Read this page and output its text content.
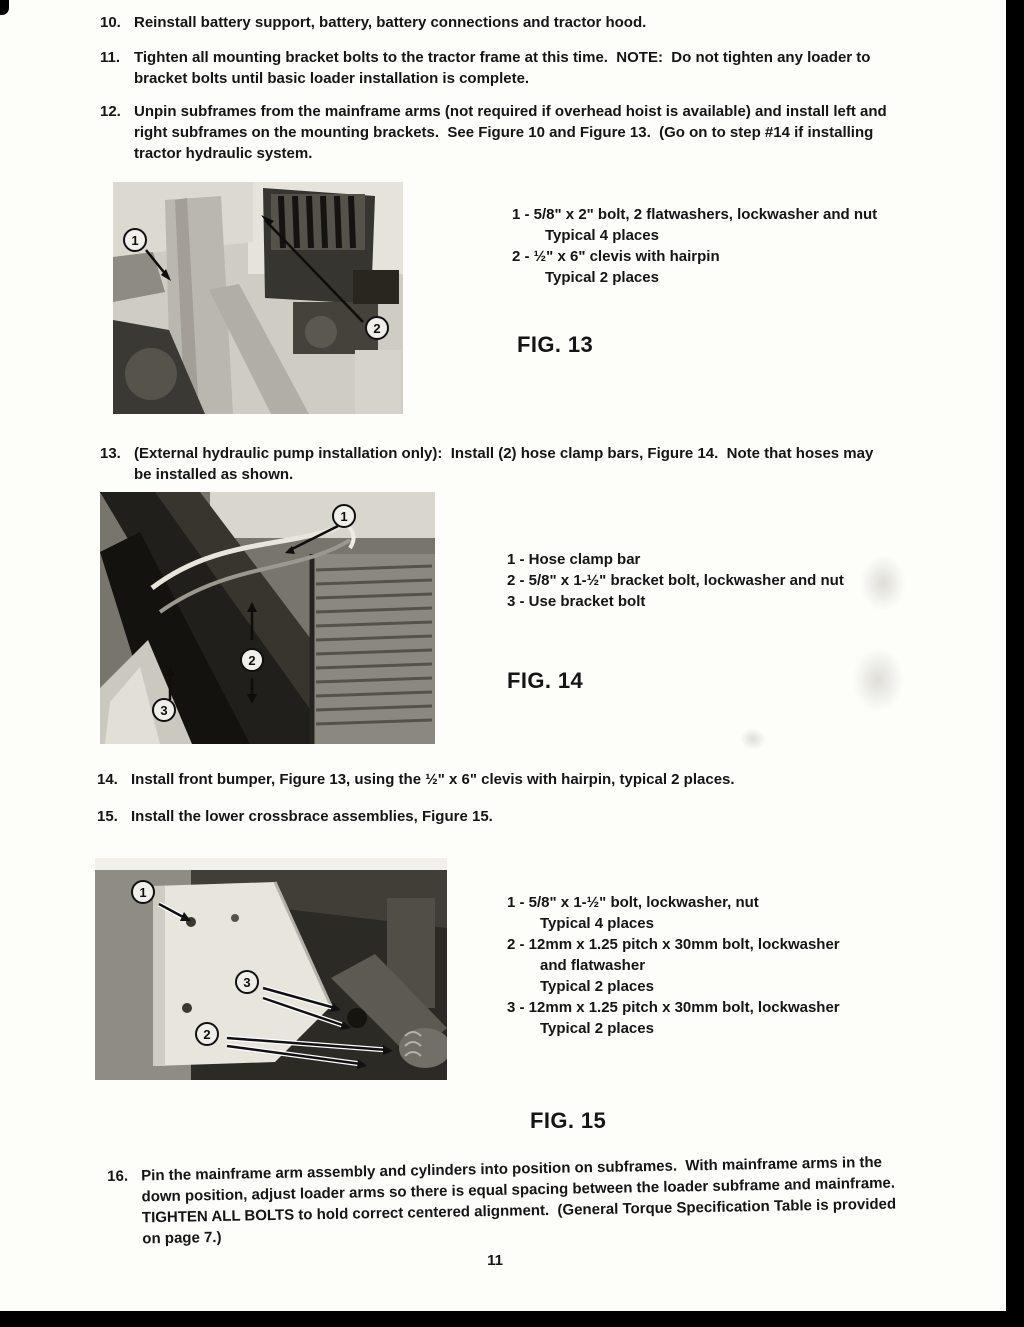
10. Reinstall battery support, battery, battery connections and tractor hood.
11. Tighten all mounting bracket bolts to the tractor frame at this time.  NOTE:  Do not tighten any loader to bracket bolts until basic loader installation is complete.
12. Unpin subframes from the mainframe arms (not required if overhead hoist is available) and install left and right subframes on the mounting brackets.  See Figure 10 and Figure 13.  (Go on to step #14 if installing tractor hydraulic system.
1
2
1 - 5/8" x 2" bolt, 2 flatwashers, lockwasher and nut
Typical 4 places
2 - ½" x 6" clevis with hairpin
Typical 2 places
FIG. 13
13. (External hydraulic pump installation only):  Install (2) hose clamp bars, Figure 14.  Note that hoses may be installed as shown.
1
2
3
1 - Hose clamp bar
2 - 5/8" x 1-½" bracket bolt, lockwasher and nut
3 - Use bracket bolt
FIG. 14
14. Install front bumper, Figure 13, using the ½" x 6" clevis with hairpin, typical 2 places.
15. Install the lower crossbrace assemblies, Figure 15.
1
3
2
1 - 5/8" x 1-½" bolt, lockwasher, nut
Typical 4 places
2 - 12mm x 1.25 pitch x 30mm bolt, lockwasher
and flatwasher
Typical 2 places
3 - 12mm x 1.25 pitch x 30mm bolt, lockwasher
Typical 2 places
FIG. 15
16. Pin the mainframe arm assembly and cylinders into position on subframes.  With mainframe arms in the down position, adjust loader arms so there is equal spacing between the loader subframe and mainframe.  TIGHTEN ALL BOLTS to hold correct centered alignment.  (General Torque Specification Table is provided on page 7.)
11
